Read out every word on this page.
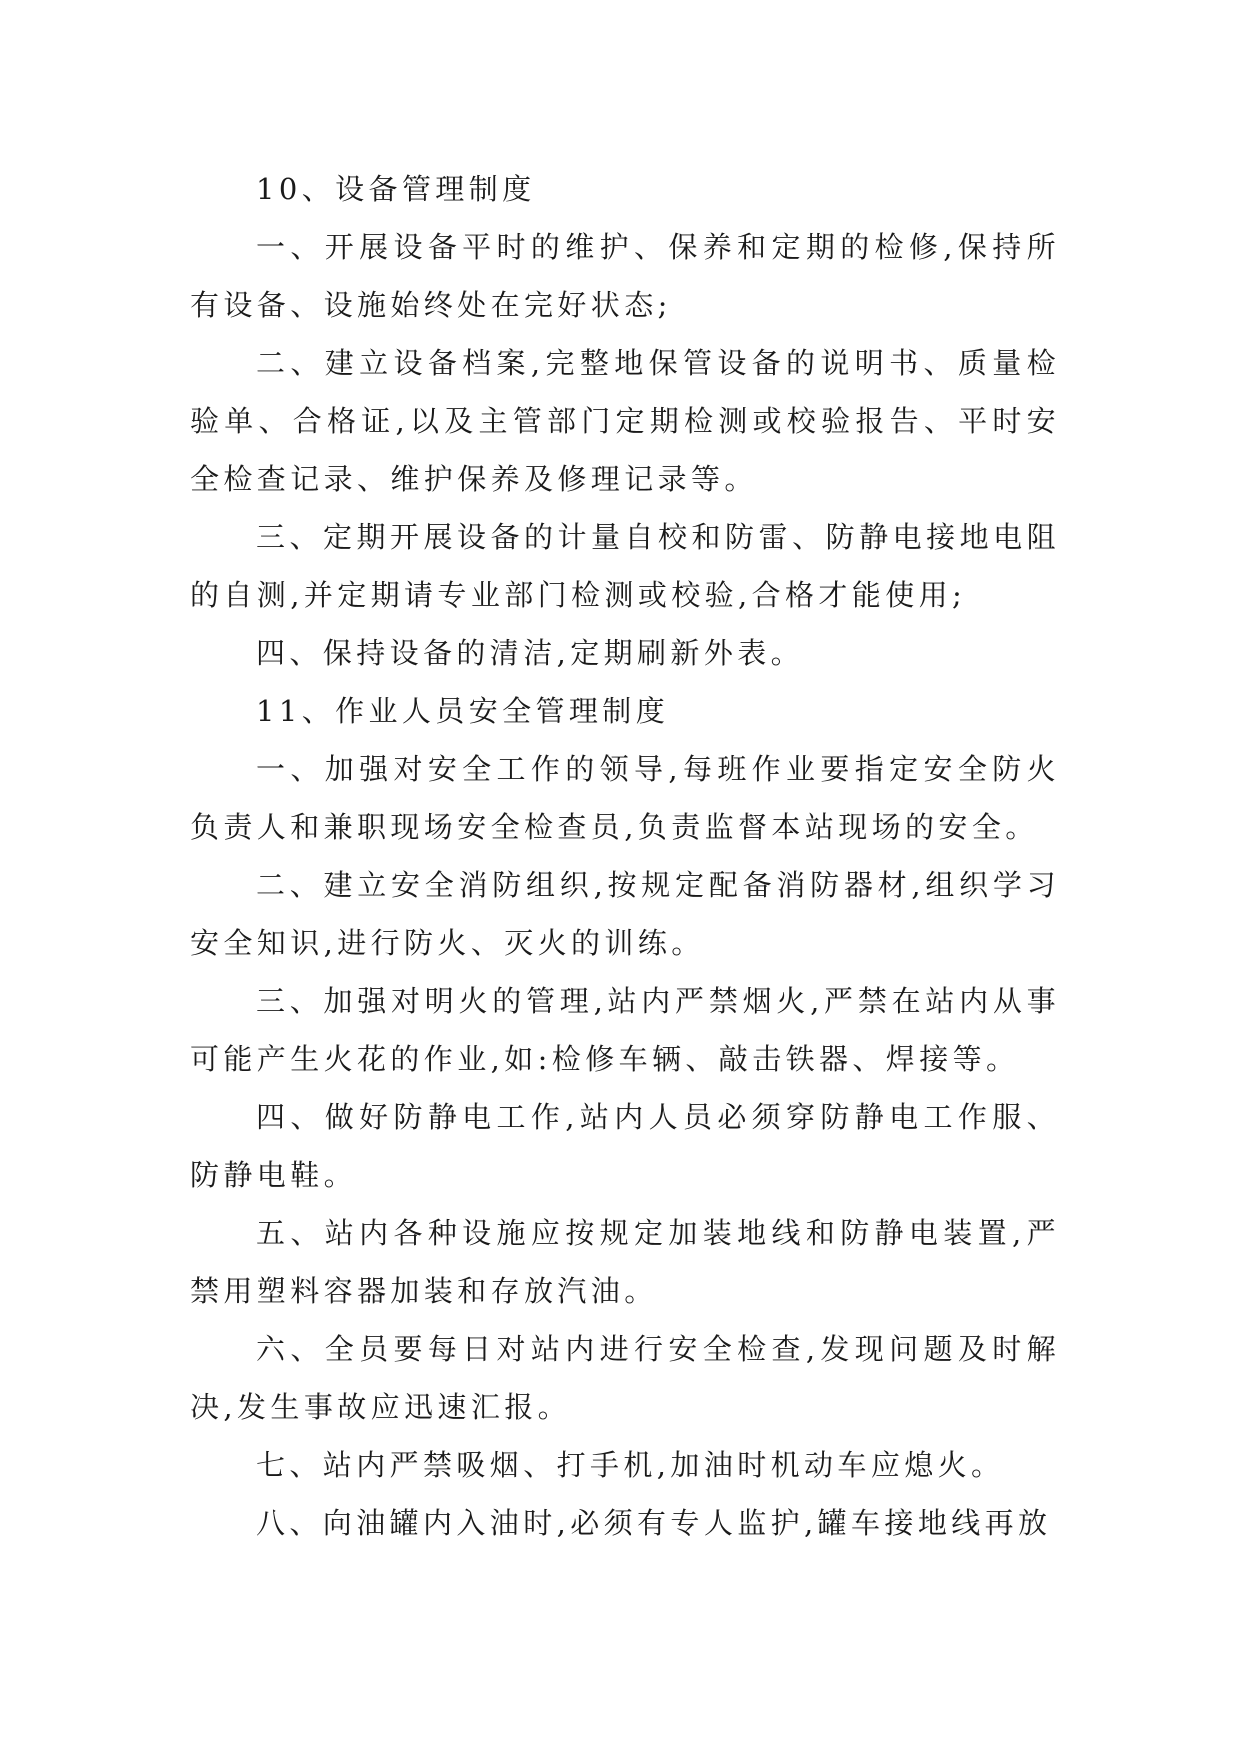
10、设备管理制度

一、开展设备平时的维护、保养和定期的检修,保持所有设备、设施始终处在完好状态;

二、建立设备档案,完整地保管设备的说明书、质量检验单、合格证,以及主管部门定期检测或校验报告、平时安全检查记录、维护保养及修理记录等。

三、定期开展设备的计量自校和防雷、防静电接地电阻的自测,并定期请专业部门检测或校验,合格才能使用;

四、保持设备的清洁,定期刷新外表。

11、作业人员安全管理制度

一、加强对安全工作的领导,每班作业要指定安全防火负责人和兼职现场安全检查员,负责监督本站现场的安全。

二、建立安全消防组织,按规定配备消防器材,组织学习安全知识,进行防火、灭火的训练。

三、加强对明火的管理,站内严禁烟火,严禁在站内从事可能产生火花的作业,如:检修车辆、敲击铁器、焊接等。

四、做好防静电工作,站内人员必须穿防静电工作服、防静电鞋。

五、站内各种设施应按规定加装地线和防静电装置,严禁用塑料容器加装和存放汽油。

六、全员要每日对站内进行安全检查,发现问题及时解决,发生事故应迅速汇报。

七、站内严禁吸烟、打手机,加油时机动车应熄火。

八、向油罐内入油时,必须有专人监护,罐车接地线再放
